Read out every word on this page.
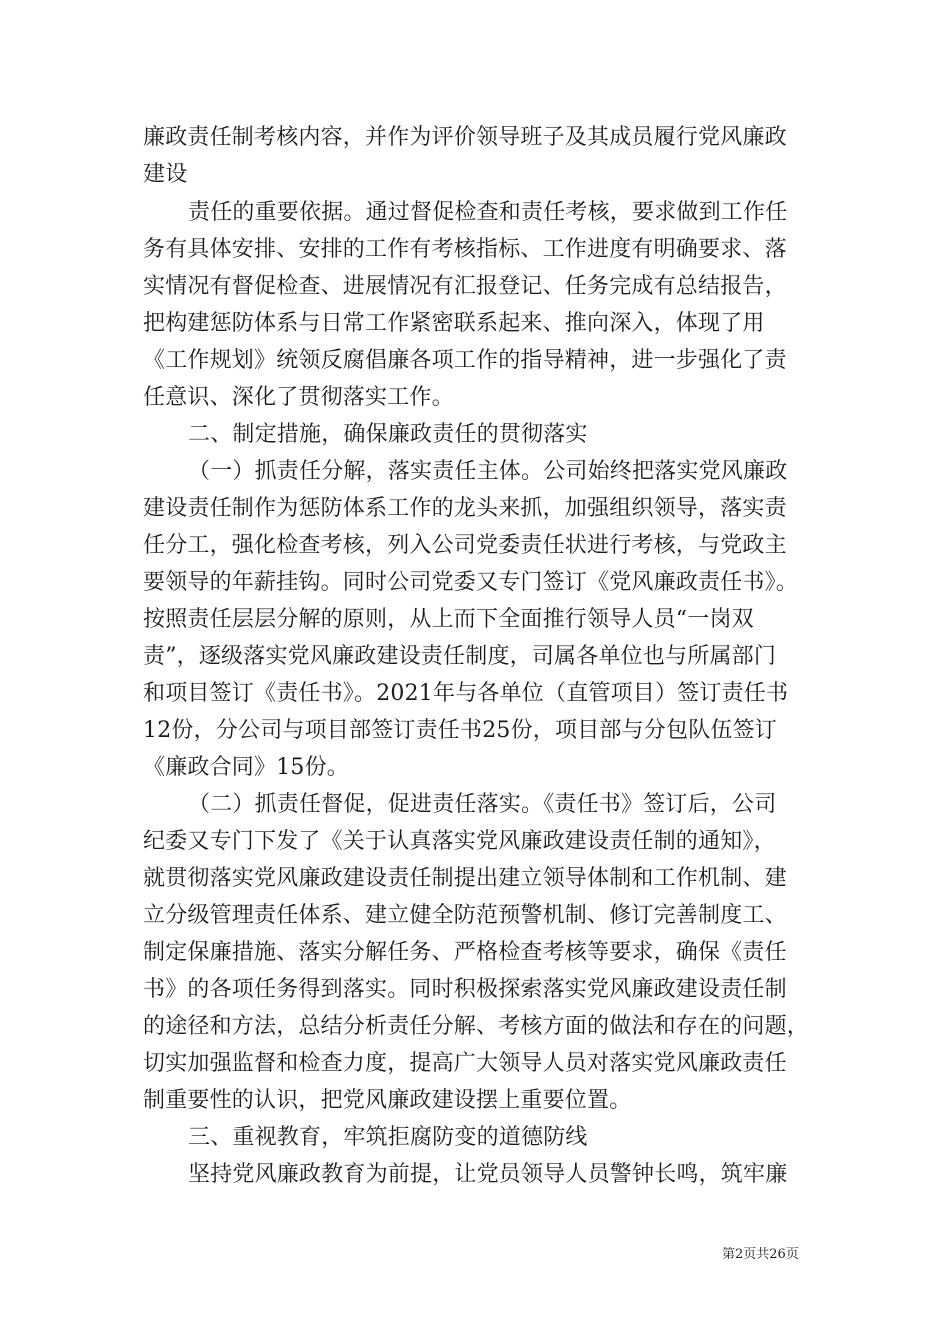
廉政责任制考核内容，并作为评价领导班子及其成员履行党风廉政
建设
责任的重要依据。通过督促检查和责任考核，要求做到工作任
务有具体安排、安排的工作有考核指标、工作进度有明确要求、落
实情况有督促检查、进展情况有汇报登记、任务完成有总结报告，
把构建惩防体系与日常工作紧密联系起来、推向深入，体现了用
《工作规划》统领反腐倡廉各项工作的指导精神，进一步强化了责
任意识、深化了贯彻落实工作。
二、制定措施，确保廉政责任的贯彻落实
（一）抓责任分解，落实责任主体。公司始终把落实党风廉政
建设责任制作为惩防体系工作的龙头来抓，加强组织领导，落实责
任分工，强化检查考核，列入公司党委责任状进行考核，与党政主
要领导的年薪挂钩。同时公司党委又专门签订《党风廉政责任书》。
按照责任层层分解的原则，从上而下全面推行领导人员“一岗双
责”，逐级落实党风廉政建设责任制度，司属各单位也与所属部门
和项目签订《责任书》。2021年与各单位（直管项目）签订责任书
12份，分公司与项目部签订责任书25份，项目部与分包队伍签订
《廉政合同》15份。
（二）抓责任督促，促进责任落实。《责任书》签订后，公司
纪委又专门下发了《关于认真落实党风廉政建设责任制的通知》，
就贯彻落实党风廉政建设责任制提出建立领导体制和工作机制、建
立分级管理责任体系、建立健全防范预警机制、修订完善制度工、
制定保廉措施、落实分解任务、严格检查考核等要求，确保《责任
书》的各项任务得到落实。同时积极探索落实党风廉政建设责任制
的途径和方法，总结分析责任分解、考核方面的做法和存在的问题，
切实加强监督和检查力度，提高广大领导人员对落实党风廉政责任
制重要性的认识，把党风廉政建设摆上重要位置。
三、重视教育，牢筑拒腐防变的道德防线
坚持党风廉政教育为前提，让党员领导人员警钟长鸣，筑牢廉
第2页共26页
